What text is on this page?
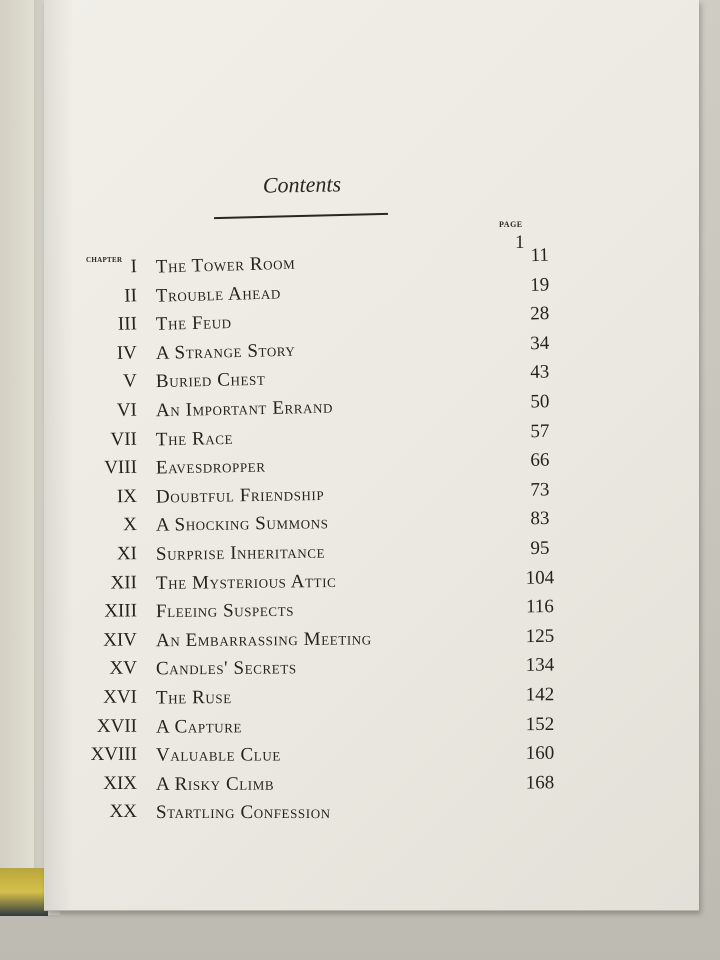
Contents
PAGE
CHAPTER
1
I The Tower Room	11
II Trouble Ahead	19
III The Feud	28
IV A Strange Story	34
V Buried Chest	43
VI An Important Errand	50
VII The Race	57
VIII Eavesdropper	66
IX Doubtful Friendship	73
X A Shocking Summons	83
XI Surprise Inheritance	95
XII The Mysterious Attic	104
XIII Fleeing Suspects	116
XIV An Embarrassing Meeting	125
XV Candles' Secrets	134
XVI The Ruse	142
XVII A Capture	152
XVIII Valuable Clue	160
XIX A Risky Climb	168
XX Startling Confession
